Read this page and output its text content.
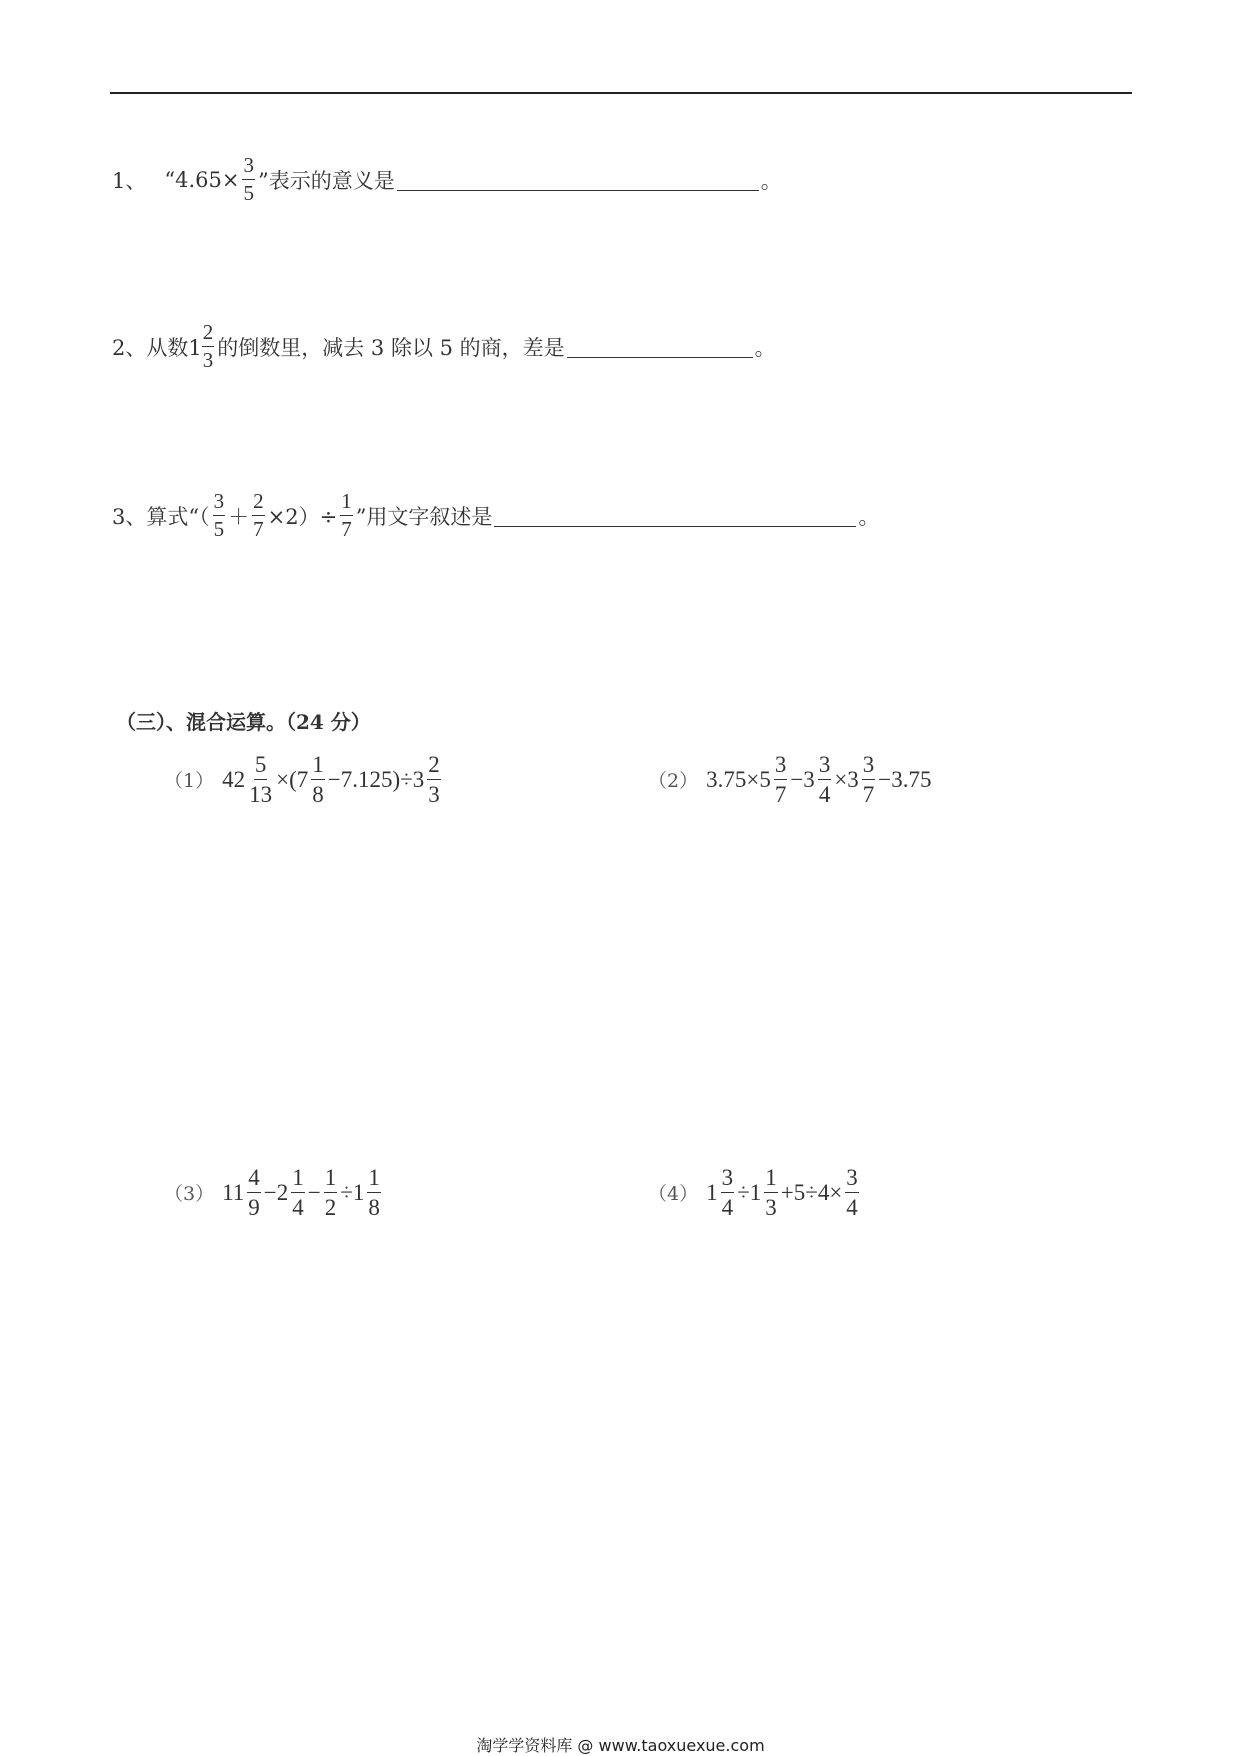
1、 “$4.65\times \frac{3}{5}$ ”表示的意义是	。
2、 从数$1 \frac{2}{3}$ 的倒数里，减去 3 除以 5 的商，差是	。
3、 算式“（ $\frac{3}{5} + \frac{2}{7} \times 2)\div \frac{1}{7}$ ”用文字叙述是	。
（三）、混合运算。（24 分）
（1） $42 \frac{5}{13} \times(7 \frac{1}{8} -7.125)\div 3 \frac{2}{3}$	（2） $3.75\times 5 \frac{3}{7} -3 \frac{3}{4} \times 3 \frac{3}{7} -3.75$
（3） $11 \frac{4}{9} -2 \frac{1}{4} - \frac{1}{2} \div 1 \frac{1}{8}$	（4） $1 \frac{3}{4} \div 1 \frac{1}{3} +5\div 4\times \frac{3}{4}$
淘学学资料库 @ www.taoxuexue.com
